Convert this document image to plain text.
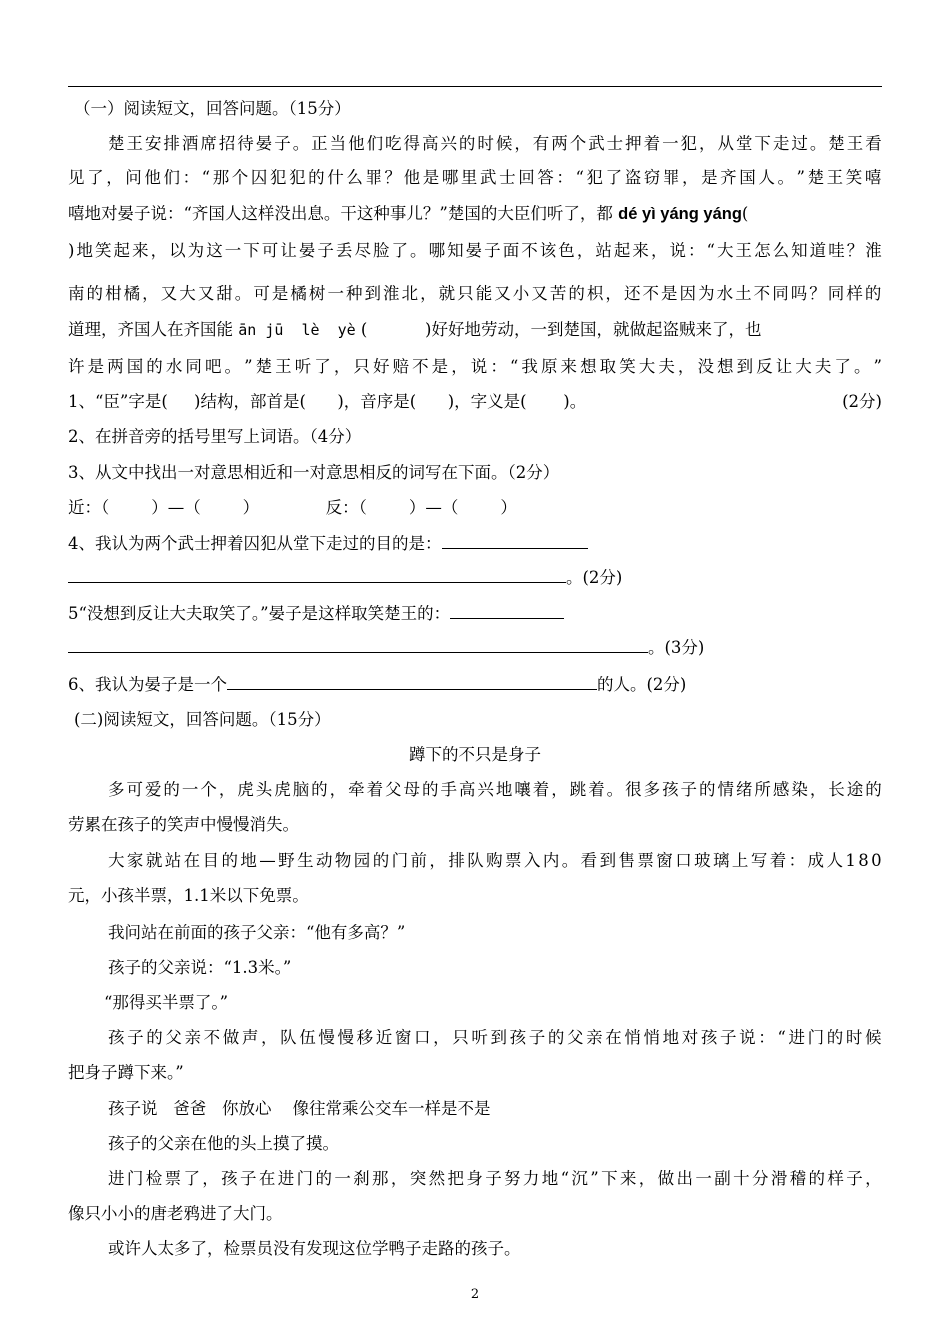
（一）阅读短文，回答问题。（15分）
楚 王 安 排 酒 席 招 待 晏 子 。 正 当 他 们 吃 得 高 兴 的 时 候 ， 有 两 个 武 士 押 着 一 犯 ， 从 堂 下 走 过 。 楚 王 看
见 了 ， 问 他 们 ： “ 那 个 囚 犯 犯 的 什 么 罪 ？ 他 是 哪 里 武 士 回 答 ： “ 犯 了 盗 窃 罪 ， 是 齐 国 人 。 ” 楚 王 笑 嘻
嘻地对晏子说：“齐国人这样没出息。干这种事儿？”楚国的大臣们听了，都 dé yì yáng yáng(
) 地 笑 起 来 ， 以 为 这 一 下 可 让 晏 子 丢 尽 脸 了 。 哪 知 晏 子 面 不 该 色 ， 站 起 来 ， 说 ： “ 大 王 怎 么 知 道 哇 ？ 淮
南 的 柑 橘 ， 又 大 又 甜 。 可 是 橘 树 一 种 到 淮 北 ， 就 只 能 又 小 又 苦 的 枳 ， 还 不 是 因 为 水 土 不 同 吗 ？ 同 样 的
道理，齐国人在齐国能 ān jū  lè  yè (           )好好地劳动，一到楚国，就做起盗贼来了，也
许 是 两 国 的 水 同 吧 。 ” 楚 王 听 了 ， 只 好 赔 不 是 ， 说 ： “ 我 原 来 想 取 笑 大 夫 ， 没 想 到 反 让 大 夫 了 。 ”
1、“臣”字是(     )结构，部首是(      )，音序是(      )，字义是(       )。	(2分)
2、在拼音旁的括号里写上词语。（4分）
3、从文中找出一对意思相近和一对意思相反的词写在下面。（2分）
近：（        ）—（        ）	反：（        ）—（        ）
4、我认为两个武士押着囚犯从堂下走过的目的是：
。(2分)
5“没想到反让大夫取笑了。”晏子是这样取笑楚王的：
。(3分)
6、我认为晏子是一个	的人。(2分)
(二)阅读短文，回答问题。（15分）
蹲下的不只是身子
多 可 爱 的 一 个 ， 虎 头 虎 脑 的 ， 牵 着 父 母 的 手 高 兴 地 嚷 着 ， 跳 着 。 很 多 孩 子 的 情 绪 所 感 染 ， 长 途 的
劳累在孩子的笑声中慢慢消失。
大 家 就 站 在 目 的 地 — 野 生 动 物 园 的 门 前 ， 排 队 购 票 入 内 。 看 到 售 票 窗 口 玻 璃 上 写 着 ： 成 人 1 8 0
元，小孩半票，1.1米以下免票。
我问站在前面的孩子父亲：“他有多高？”
孩子的父亲说：“1.3米。”
“那得买半票了。”
孩 子 的 父 亲 不 做 声 ， 队 伍 慢 慢 移 近 窗 口 ， 只 听 到 孩 子 的 父 亲 在 悄 悄 地 对 孩 子 说 ： “ 进 门 的 时 候
把身子蹲下来。”
孩子说   爸爸   你放心    像往常乘公交车一样是不是
孩子的父亲在他的头上摸了摸。
进 门 检 票 了 ， 孩 子 在 进 门 的 一 刹 那 ， 突 然 把 身 子 努 力 地 “ 沉 ” 下 来 ， 做 出 一 副 十 分 滑 稽 的 样 子 ，
像只小小的唐老鸦进了大门。
或许人太多了，检票员没有发现这位学鸭子走路的孩子。
2
